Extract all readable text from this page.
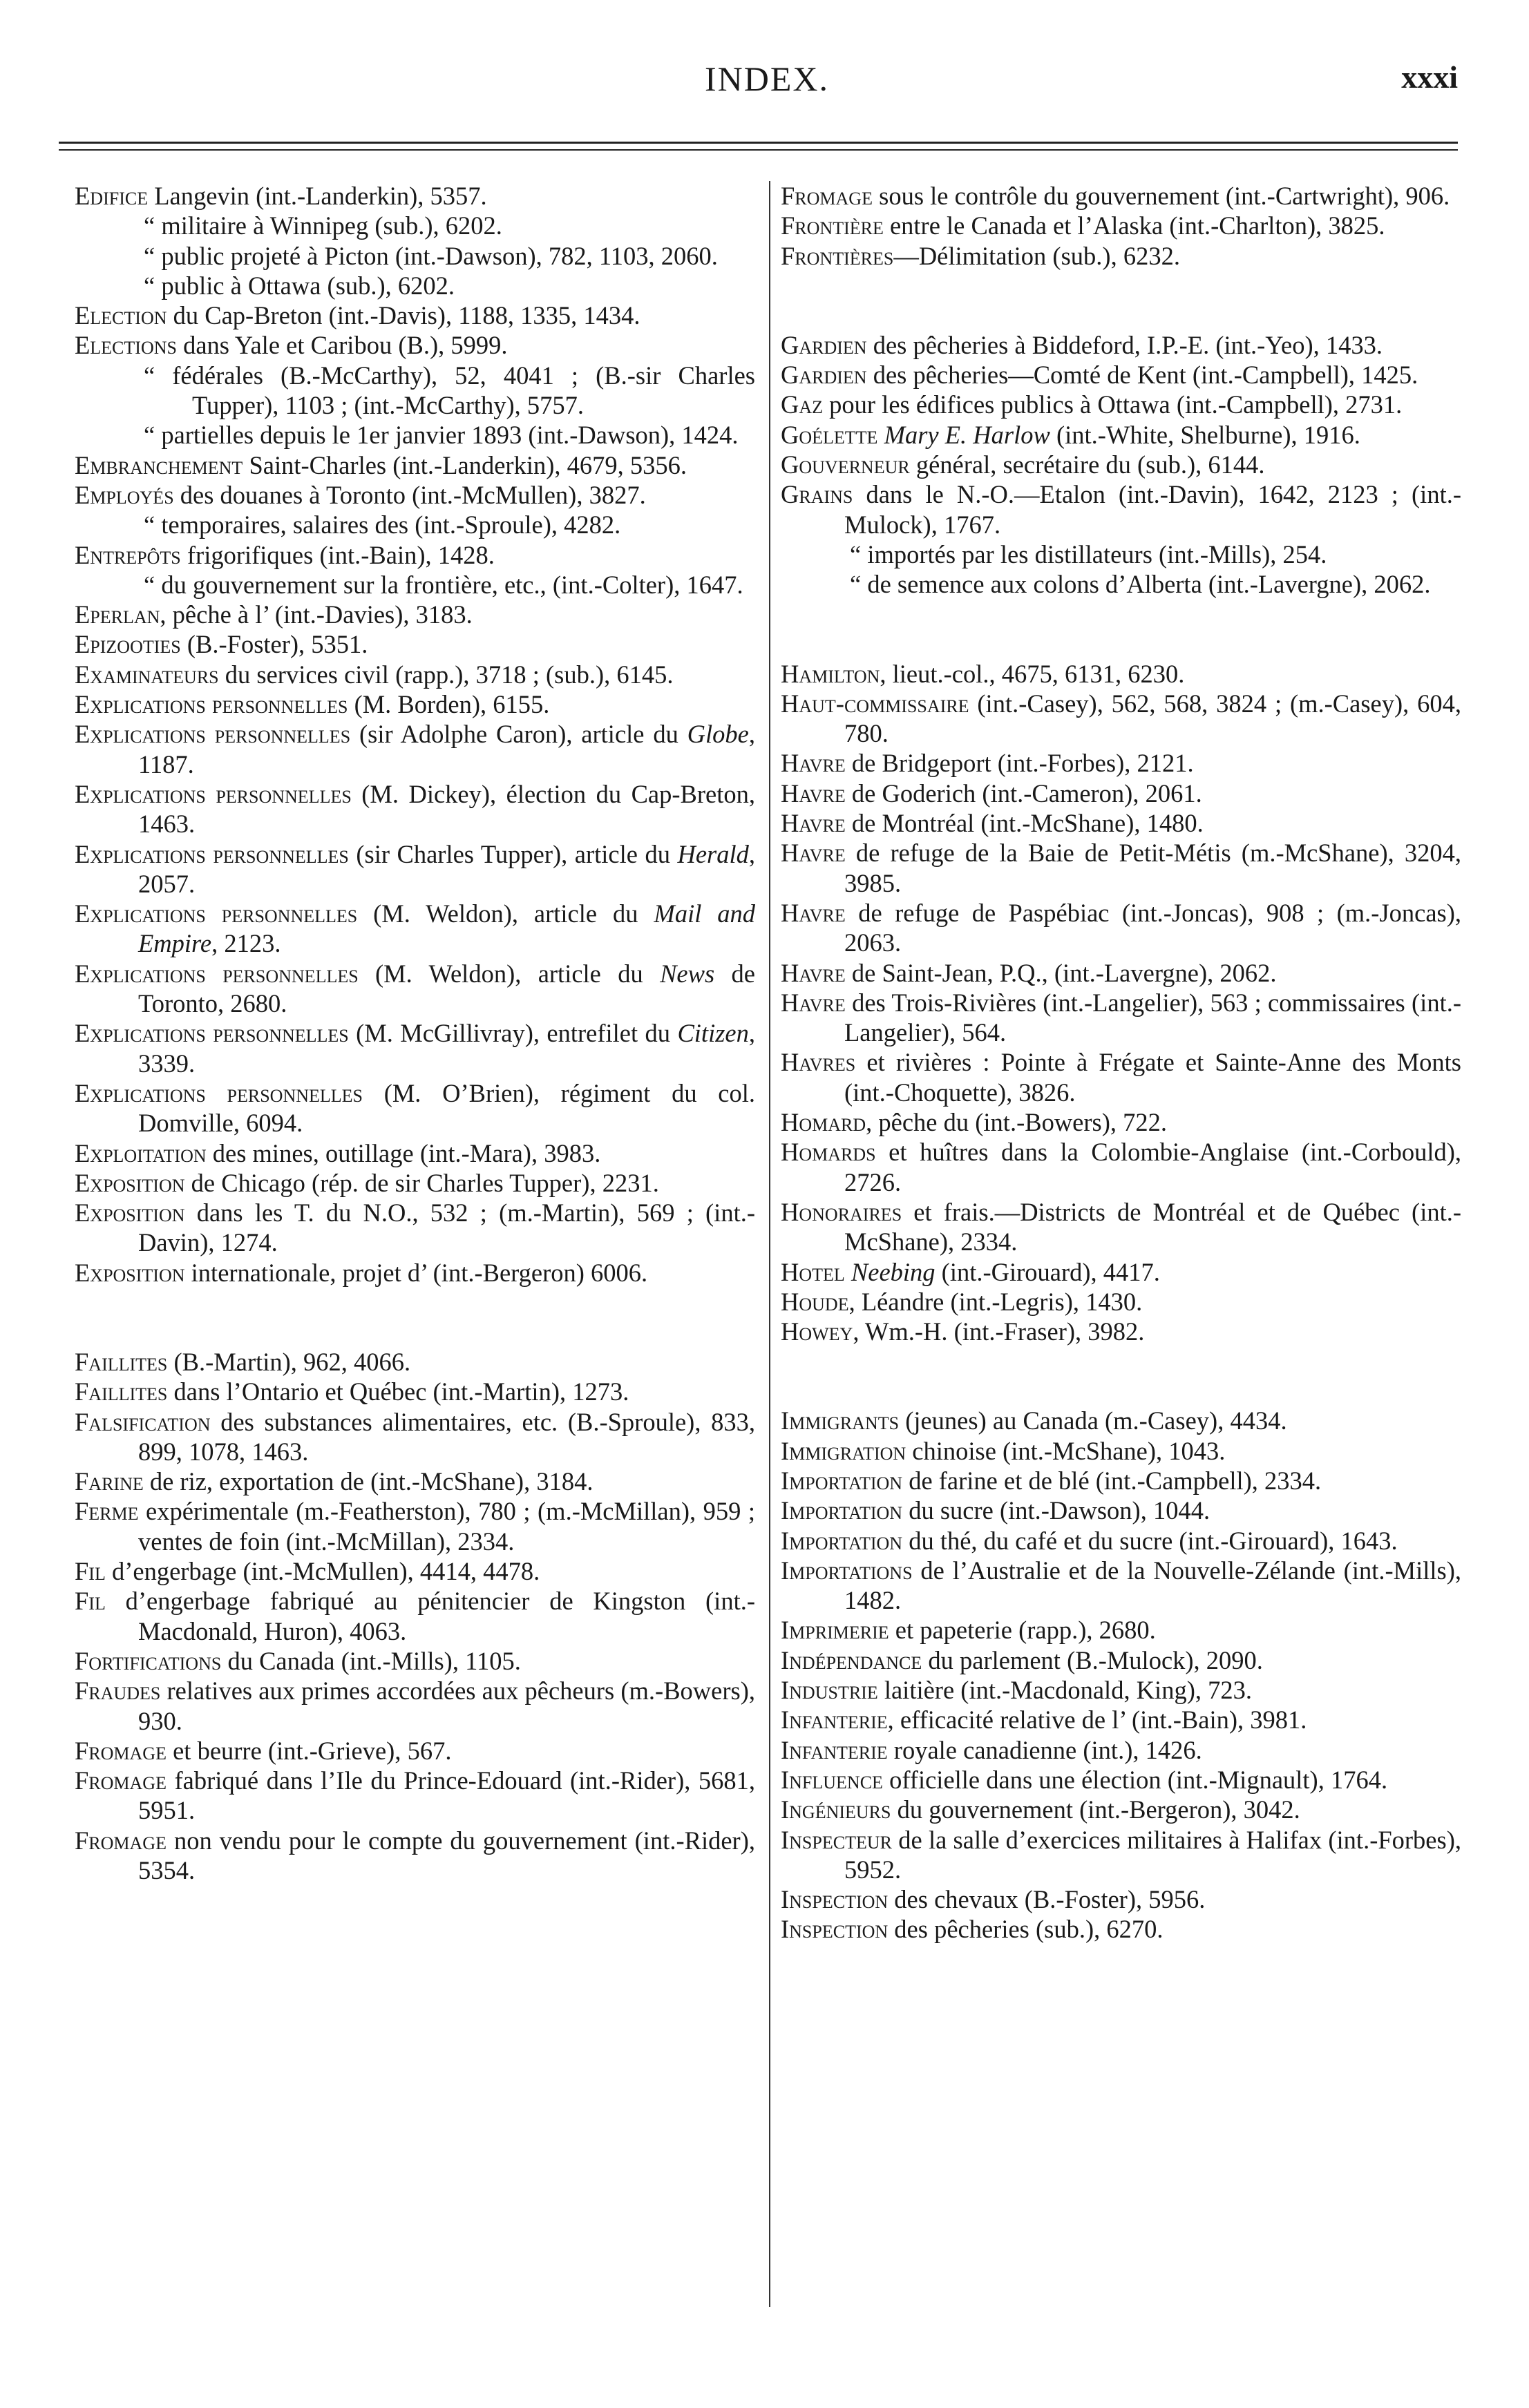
INDEX.	xxxi
Edifice Langevin (int.-Landerkin), 5357.
“ militaire à Winnipeg (sub.), 6202.
“ public projeté à Picton (int.-Dawson), 782, 1103, 2060.
“ public à Ottawa (sub.), 6202.
Election du Cap-Breton (int.-Davis), 1188, 1335, 1434.
Elections dans Yale et Caribou (B.), 5999.
“ fédérales (B.-McCarthy), 52, 4041 ; (B.-sir Charles Tupper), 1103 ; (int.-McCarthy), 5757.
“ partielles depuis le 1er janvier 1893 (int.-Dawson), 1424.
Embranchement Saint-Charles (int.-Landerkin), 4679, 5356.
Employés des douanes à Toronto (int.-McMullen), 3827.
“ temporaires, salaires des (int.-Sproule), 4282.
Entrepôts frigorifiques (int.-Bain), 1428.
“ du gouvernement sur la frontière, etc., (int.-Colter), 1647.
Eperlan, pêche à l’ (int.-Davies), 3183.
Epizooties (B.-Foster), 5351.
Examinateurs du services civil (rapp.), 3718 ; (sub.), 6145.
Explications personnelles (M. Borden), 6155.
Explications personnelles (sir Adolphe Caron), article du Globe, 1187.
Explications personnelles (M. Dickey), élection du Cap-Breton, 1463.
Explications personnelles (sir Charles Tupper), article du Herald, 2057.
Explications personnelles (M. Weldon), article du Mail and Empire, 2123.
Explications personnelles (M. Weldon), article du News de Toronto, 2680.
Explications personnelles (M. McGillivray), entrefilet du Citizen, 3339.
Explications personnelles (M. O’Brien), régiment du col. Domville, 6094.
Exploitation des mines, outillage (int.-Mara), 3983.
Exposition de Chicago (rép. de sir Charles Tupper), 2231.
Exposition dans les T. du N.O., 532 ; (m.-Martin), 569 ; (int.-Davin), 1274.
Exposition internationale, projet d’ (int.-Bergeron) 6006.
Faillites (B.-Martin), 962, 4066.
Faillites dans l’Ontario et Québec (int.-Martin), 1273.
Falsification des substances alimentaires, etc. (B.-Sproule), 833, 899, 1078, 1463.
Farine de riz, exportation de (int.-McShane), 3184.
Ferme expérimentale (m.-Featherston), 780 ; (m.-McMillan), 959 ; ventes de foin (int.-McMillan), 2334.
Fil d’engerbage (int.-McMullen), 4414, 4478.
Fil d’engerbage fabriqué au pénitencier de Kingston (int.-Macdonald, Huron), 4063.
Fortifications du Canada (int.-Mills), 1105.
Fraudes relatives aux primes accordées aux pêcheurs (m.-Bowers), 930.
Fromage et beurre (int.-Grieve), 567.
Fromage fabriqué dans l’Ile du Prince-Edouard (int.-Rider), 5681, 5951.
Fromage non vendu pour le compte du gouvernement (int.-Rider), 5354.
Fromage sous le contrôle du gouvernement (int.-Cartwright), 906.
Frontière entre le Canada et l’Alaska (int.-Charlton), 3825.
Frontières—Délimitation (sub.), 6232.
Gardien des pêcheries à Biddeford, I.P.-E. (int.-Yeo), 1433.
Gardien des pêcheries—Comté de Kent (int.-Campbell), 1425.
Gaz pour les édifices publics à Ottawa (int.-Campbell), 2731.
Goélette Mary E. Harlow (int.-White, Shelburne), 1916.
Gouverneur général, secrétaire du (sub.), 6144.
Grains dans le N.-O.—Etalon (int.-Davin), 1642, 2123 ; (int.-Mulock), 1767.
“ importés par les distillateurs (int.-Mills), 254.
“ de semence aux colons d’Alberta (int.-Lavergne), 2062.
Hamilton, lieut.-col., 4675, 6131, 6230.
Haut-commissaire (int.-Casey), 562, 568, 3824 ; (m.-Casey), 604, 780.
Havre de Bridgeport (int.-Forbes), 2121.
Havre de Goderich (int.-Cameron), 2061.
Havre de Montréal (int.-McShane), 1480.
Havre de refuge de la Baie de Petit-Métis (m.-McShane), 3204, 3985.
Havre de refuge de Paspébiac (int.-Joncas), 908 ; (m.-Joncas), 2063.
Havre de Saint-Jean, P.Q., (int.-Lavergne), 2062.
Havre des Trois-Rivières (int.-Langelier), 563 ; commissaires (int.-Langelier), 564.
Havres et rivières : Pointe à Frégate et Sainte-Anne des Monts (int.-Choquette), 3826.
Homard, pêche du (int.-Bowers), 722.
Homards et huîtres dans la Colombie-Anglaise (int.-Corbould), 2726.
Honoraires et frais.—Districts de Montréal et de Québec (int.-McShane), 2334.
Hotel Neebing (int.-Girouard), 4417.
Houde, Léandre (int.-Legris), 1430.
Howey, Wm.-H. (int.-Fraser), 3982.
Immigrants (jeunes) au Canada (m.-Casey), 4434.
Immigration chinoise (int.-McShane), 1043.
Importation de farine et de blé (int.-Campbell), 2334.
Importation du sucre (int.-Dawson), 1044.
Importation du thé, du café et du sucre (int.-Girouard), 1643.
Importations de l’Australie et de la Nouvelle-Zélande (int.-Mills), 1482.
Imprimerie et papeterie (rapp.), 2680.
Indépendance du parlement (B.-Mulock), 2090.
Industrie laitière (int.-Macdonald, King), 723.
Infanterie, efficacité relative de l’ (int.-Bain), 3981.
Infanterie royale canadienne (int.), 1426.
Influence officielle dans une élection (int.-Mignault), 1764.
Ingénieurs du gouvernement (int.-Bergeron), 3042.
Inspecteur de la salle d’exercices militaires à Halifax (int.-Forbes), 5952.
Inspection des chevaux (B.-Foster), 5956.
Inspection des pêcheries (sub.), 6270.
